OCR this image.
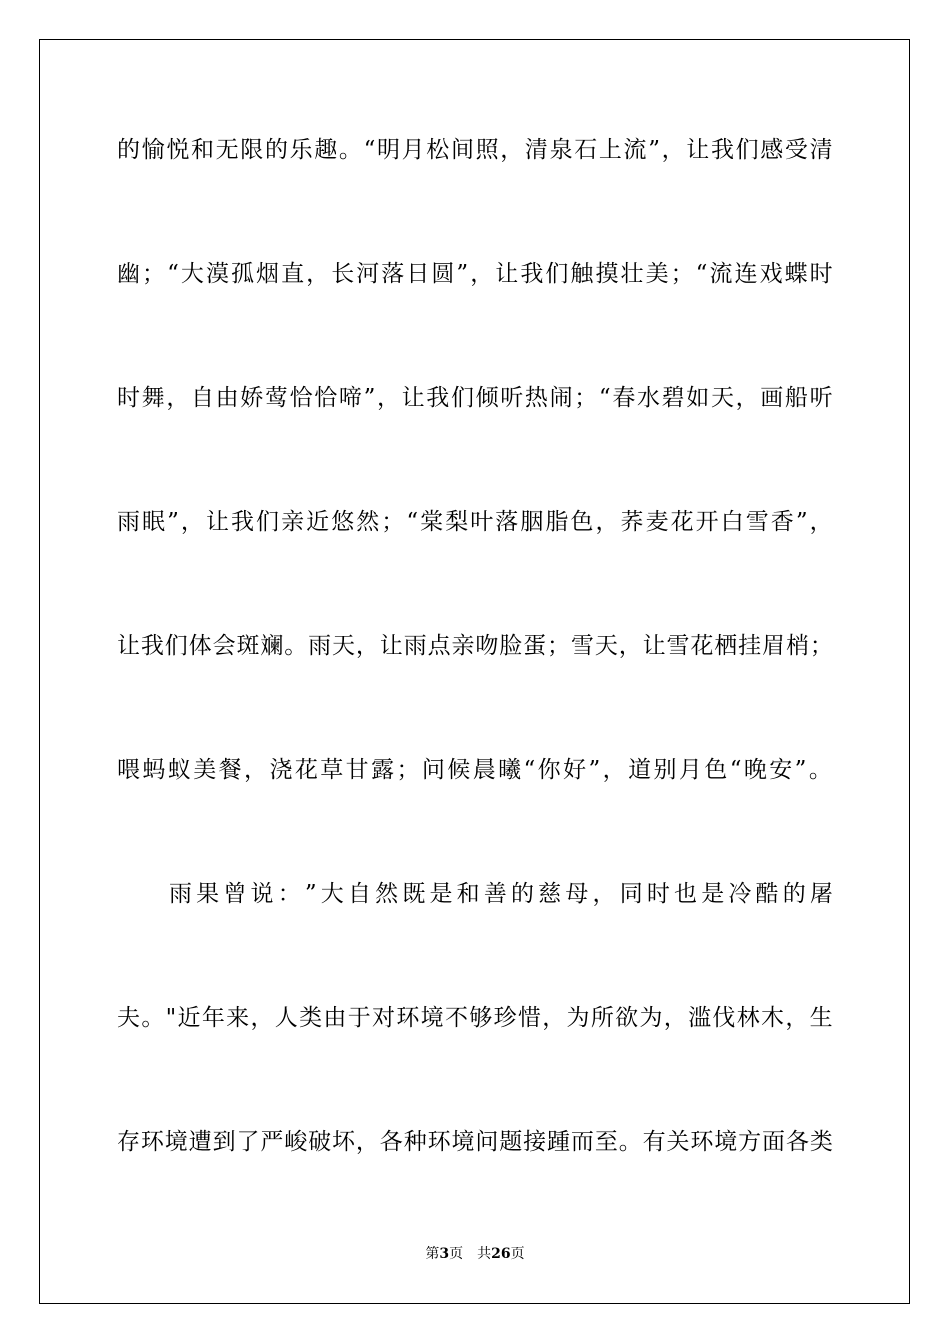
的 愉 悦 和 无 限 的 乐 趣 。 “ 明 月 松 间 照 ， 清 泉 石 上 流 ” ， 让 我 们 感 受 清
幽 ； “ 大 漠 孤 烟 直 ， 长 河 落 日 圆 ” ， 让 我 们 触 摸 壮 美 ； “ 流 连 戏 蝶 时
时 舞 ， 自 由 娇 莺 恰 恰 啼 ” ， 让 我 们 倾 听 热 闹 ； “ 春 水 碧 如 天 ， 画 船 听
雨 眠 ” ， 让 我 们 亲 近 悠 然 ； “ 棠 梨 叶 落 胭 脂 色 ， 荞 麦 花 开 白 雪 香 ” ，
让 我 们 体 会 斑 斓 。 雨 天 ， 让 雨 点 亲 吻 脸 蛋 ； 雪 天 ， 让 雪 花 栖 挂 眉 梢 ；
喂 蚂 蚁 美 餐 ， 浇 花 草 甘 露 ； 问 候 晨 曦 “ 你 好 ” ， 道 别 月 色 “ 晚 安 ” 。
雨 果 曾 说 ： ” 大 自 然 既 是 和 善 的 慈 母 ， 同 时 也 是 冷 酷 的 屠
夫 。 " 近 年 来 ， 人 类 由 于 对 环 境 不 够 珍 惜 ， 为 所 欲 为 ， 滥 伐 林 木 ， 生
存 环 境 遭 到 了 严 峻 破 坏 ， 各 种 环 境 问 题 接 踵 而 至 。 有 关 环 境 方 面 各 类
第3页 共26页
